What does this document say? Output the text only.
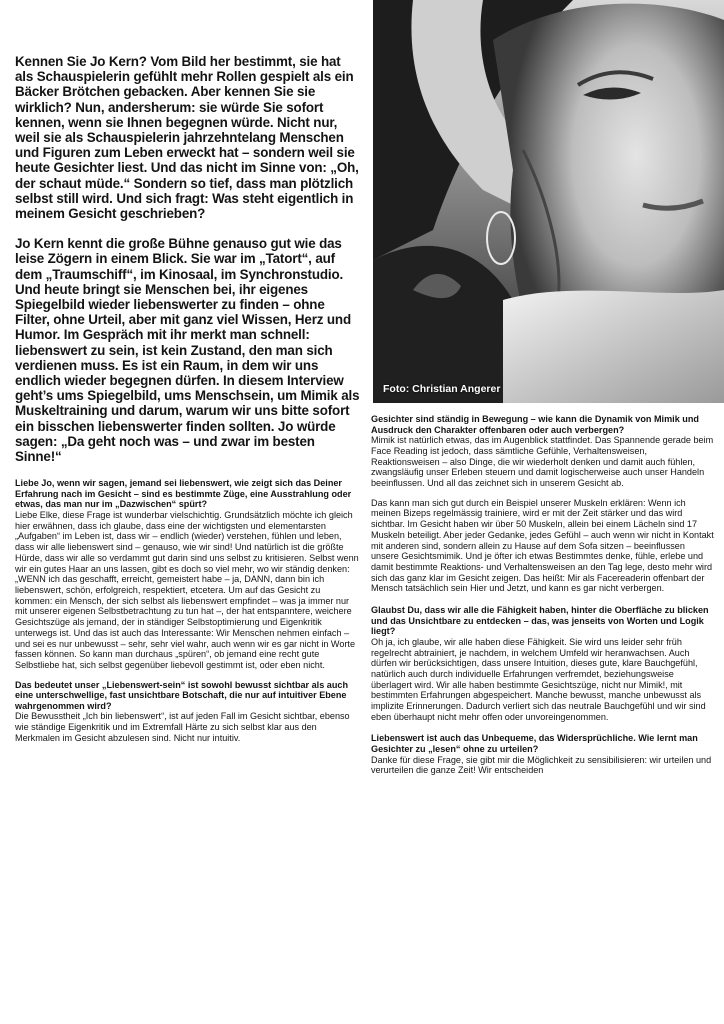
Kennen Sie Jo Kern? Vom Bild her bestimmt, sie hat als Schauspielerin gefühlt mehr Rollen gespielt als ein Bäcker Brötchen gebacken. Aber kennen Sie sie wirklich? Nun, andersherum: sie würde Sie sofort kennen, wenn sie Ihnen begegnen würde. Nicht nur, weil sie als Schauspielerin jahrzehntelang Menschen und Figuren zum Leben erweckt hat – sondern weil sie heute Gesichter liest. Und das nicht im Sinne von: „Oh, der schaut müde.“ Sondern so tief, dass man plötzlich selbst still wird. Und sich fragt: Was steht eigentlich in meinem Gesicht geschrieben?

Jo Kern kennt die große Bühne genauso gut wie das leise Zögern in einem Blick. Sie war im „Tatort“, auf dem „Traumschiff“, im Kinosaal, im Synchronstudio. Und heute bringt sie Menschen bei, ihr eigenes Spiegelbild wieder liebenswerter zu finden – ohne Filter, ohne Urteil, aber mit ganz viel Wissen, Herz und Humor. Im Gespräch mit ihr merkt man schnell: liebenswert zu sein, ist kein Zustand, den man sich verdienen muss. Es ist ein Raum, in dem wir uns endlich wieder begegnen dürfen. In diesem Interview geht’s ums Spiegelbild, ums Menschsein, um Mimik als Muskeltraining und darum, warum wir uns bitte sofort ein bisschen liebenswerter finden sollten. Jo würde sagen: „Da geht noch was – und zwar im besten Sinne!“

Liebe Jo, wenn wir sagen, jemand sei liebenswert, wie zeigt sich das Deiner Erfahrung nach im Gesicht – sind es bestimmte Züge, eine Ausstrahlung oder etwas, das man nur im „Dazwischen“ spürt?

Liebe Elke, diese Frage ist wunderbar vielschichtig. Grundsätzlich möchte ich gleich hier erwähnen, dass ich glaube, dass eine der wichtigsten und elementarsten „Aufgaben“ im Leben ist, dass wir – endlich (wieder) verstehen, fühlen und leben, dass wir alle liebenswert sind – genauso, wie wir sind! Und natürlich ist die größte Hürde, dass wir alle so verdammt gut darin sind uns selbst zu kritisieren. Selbst wenn wir ein gutes Haar an uns lassen, gibt es doch so viel mehr, wo wir ständig denken: „WENN ich das geschafft, erreicht, gemeistert habe – ja, DANN, dann bin ich liebenswert, schön, erfolgreich, respektiert, etcetera. Um auf das Gesicht zu kommen: ein Mensch, der sich selbst als liebenswert empfindet – was ja immer nur mit unserer eigenen Selbstbetrachtung zu tun hat –, der hat entspanntere, weichere Gesichtszüge als jemand, der in ständiger Selbstoptimierung und Eigenkritik unterwegs ist. Und das ist auch das Interessante: Wir Menschen nehmen einfach – und sei es nur unbewusst – sehr, sehr viel wahr, auch wenn wir es gar nicht in Worte fassen können. So kann man durchaus „spüren“, ob jemand eine recht gute Selbstliebe hat, sich selbst gegenüber liebevoll gestimmt ist, oder eben nicht.

Das bedeutet unser „Liebenswert-sein“ ist sowohl bewusst sichtbar als auch eine unterschwellige, fast unsichtbare Botschaft, die nur auf intuitiver Ebene wahrgenommen wird?

Die Bewusstheit „Ich bin liebenswert“, ist auf jeden Fall im Gesicht sichtbar, ebenso wie ständige Eigenkritik und im Extremfall Härte zu sich selbst klar aus den Merkmalen im Gesicht abzulesen sind. Nicht nur intuitiv.

Foto: Christian Angerer

Gesichter sind ständig in Bewegung – wie kann die Dynamik von Mimik und Ausdruck den Charakter offenbaren oder auch verbergen?

Mimik ist natürlich etwas, das im Augenblick stattfindet. Das Spannende gerade beim Face Reading ist jedoch, dass sämtliche Gefühle, Verhaltensweisen, Reaktionsweisen – also Dinge, die wir wiederholt denken und damit auch fühlen, zwangsläufig unser Erleben steuern und damit logischerweise auch unser Handeln beeinflussen. Und all das zeichnet sich in unserem Gesicht ab.

Das kann man sich gut durch ein Beispiel unserer Muskeln erklären: Wenn ich meinen Bizeps regelmässig trainiere, wird er mit der Zeit stärker und das wird sichtbar. Im Gesicht haben wir über 50 Muskeln, allein bei einem Lächeln sind 17 Muskeln beteiligt. Aber jeder Gedanke, jedes Gefühl – auch wenn wir nicht in Kontakt mit anderen sind, sondern allein zu Hause auf dem Sofa sitzen – beeinflussen unsere Gesichtsmimik. Und je öfter ich etwas Bestimmtes denke, fühle, erlebe und damit bestimmte Reaktions- und Verhaltensweisen an den Tag lege, desto mehr wird sich das ganz klar im Gesicht zeigen. Das heißt: Mir als Facereaderin offenbart der Mensch tatsächlich sein Hier und Jetzt, und kann es gar nicht verbergen.

Glaubst Du, dass wir alle die Fähigkeit haben, hinter die Oberfläche zu blicken und das Unsichtbare zu entdecken – das, was jenseits von Worten und Logik liegt?

Oh ja, ich glaube, wir alle haben diese Fähigkeit. Sie wird uns leider sehr früh regelrecht abtrainiert, je nachdem, in welchem Umfeld wir heranwachsen. Auch dürfen wir berücksichtigen, dass unsere Intuition, dieses gute, klare Bauchgefühl, natürlich auch durch individuelle Erfahrungen verfremdet, beziehungsweise überlagert wird. Wir alle haben bestimmte Gesichtszüge, nicht nur Mimik!, mit bestimmten Erfahrungen abgespeichert. Manche bewusst, manche unbewusst als implizite Erinnerungen. Dadurch verliert sich das neutrale Bauchgefühl und wir sind eben überhaupt nicht mehr offen oder unvoreingenommen.

Liebenswert ist auch das Unbequeme, das Widersprüchliche. Wie lernt man Gesichter zu „lesen“ ohne zu urteilen?

Danke für diese Frage, sie gibt mir die Möglichkeit zu sensibilisieren: wir urteilen und verurteilen die ganze Zeit! Wir entscheiden
